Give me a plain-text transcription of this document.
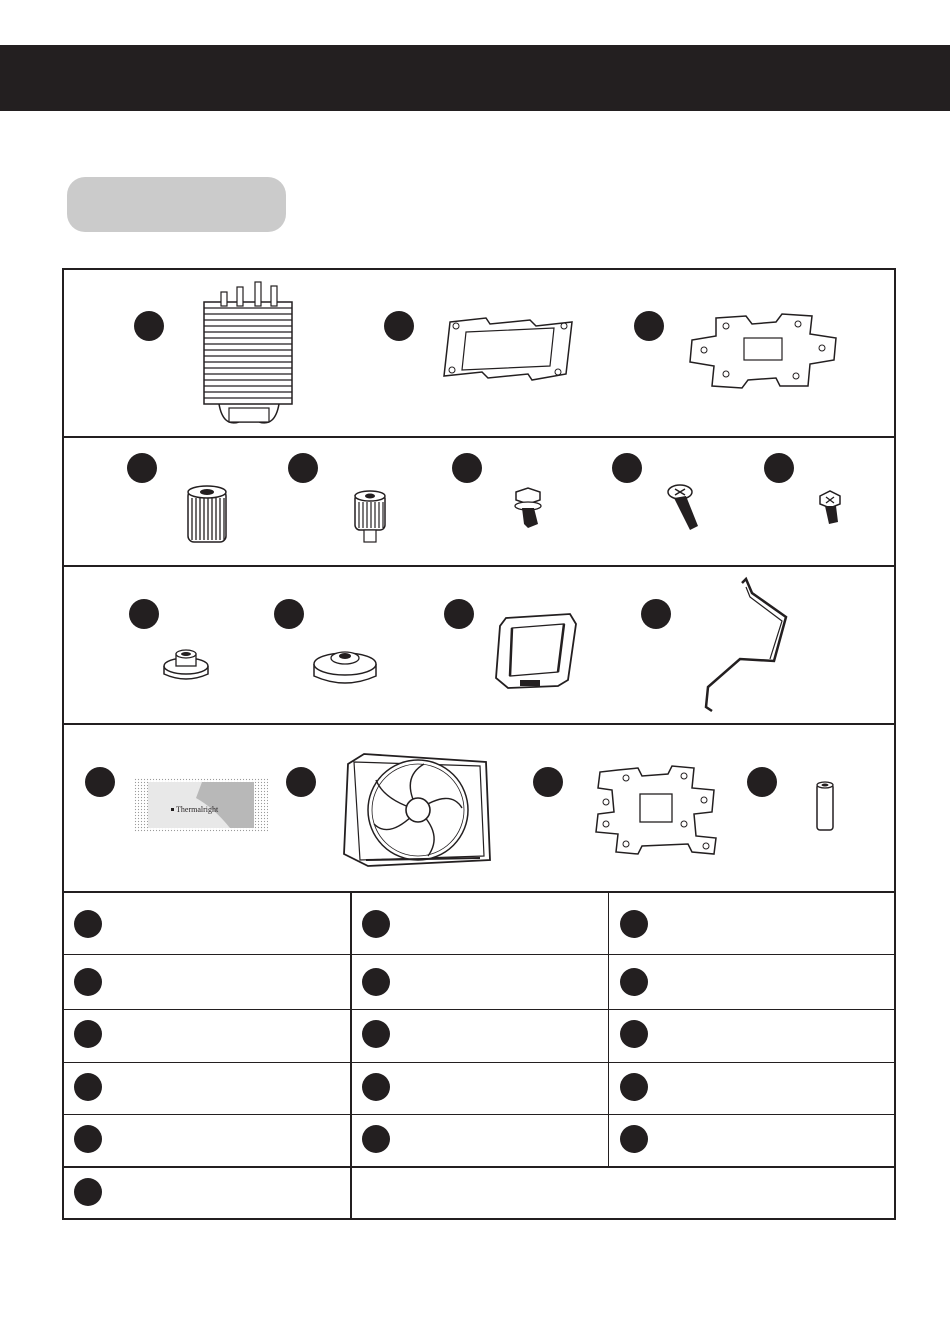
Thermalright
